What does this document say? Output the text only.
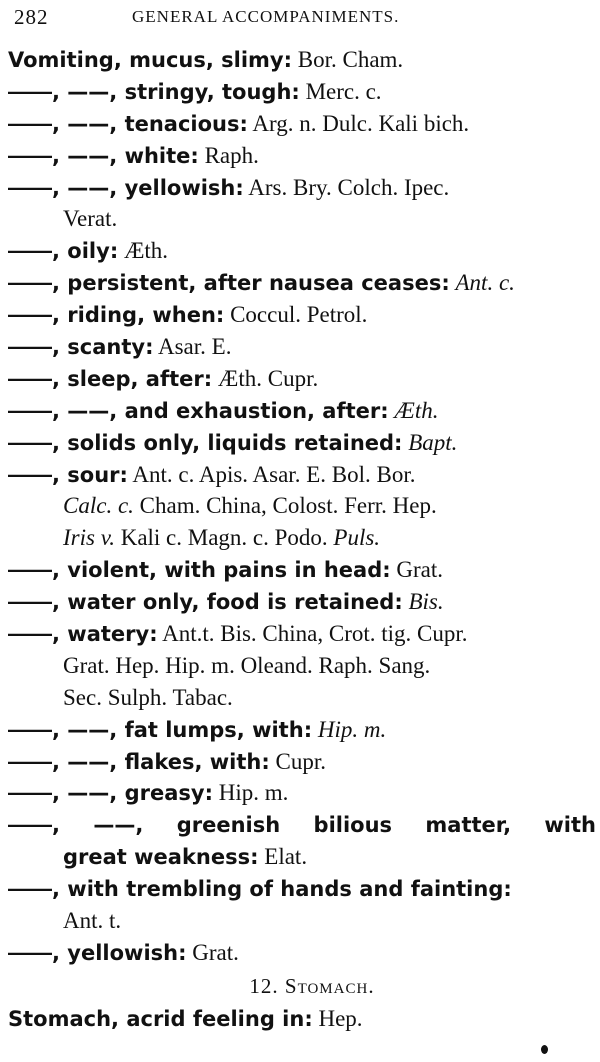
282	GENERAL ACCOMPANIMENTS.
Vomiting, mucus, slimy: Bor. Cham.
——, ——, stringy, tough: Merc. c.
——, ——, tenacious: Arg. n. Dulc. Kali bich.
——, ——, white: Raph.
——, ——, yellowish: Ars. Bry. Colch. Ipec.
Verat.
——, oily: Æth.
——, persistent, after nausea ceases: Ant. c.
——, riding, when: Coccul. Petrol.
——, scanty: Asar. E.
——, sleep, after: Æth. Cupr.
——, ——, and exhaustion, after: Æth.
——, solids only, liquids retained: Bapt.
——, sour: Ant. c. Apis. Asar. E. Bol. Bor.
Calc. c. Cham. China, Colost. Ferr. Hep.
Iris v. Kali c. Magn. c. Podo. Puls.
——, violent, with pains in head: Grat.
——, water only, food is retained: Bis.
——, watery: Ant.t. Bis. China, Crot. tig. Cupr.
Grat. Hep. Hip. m. Oleand. Raph. Sang.
Sec. Sulph. Tabac.
——, ——, fat lumps, with: Hip. m.
——, ——, flakes, with: Cupr.
——, ——, greasy: Hip. m.
——, ——, greenish bilious matter, with
great weakness: Elat.
——, with trembling of hands and fainting:
Ant. t.
——, yellowish: Grat.
12. Stomach.
Stomach, acrid feeling in: Hep.
